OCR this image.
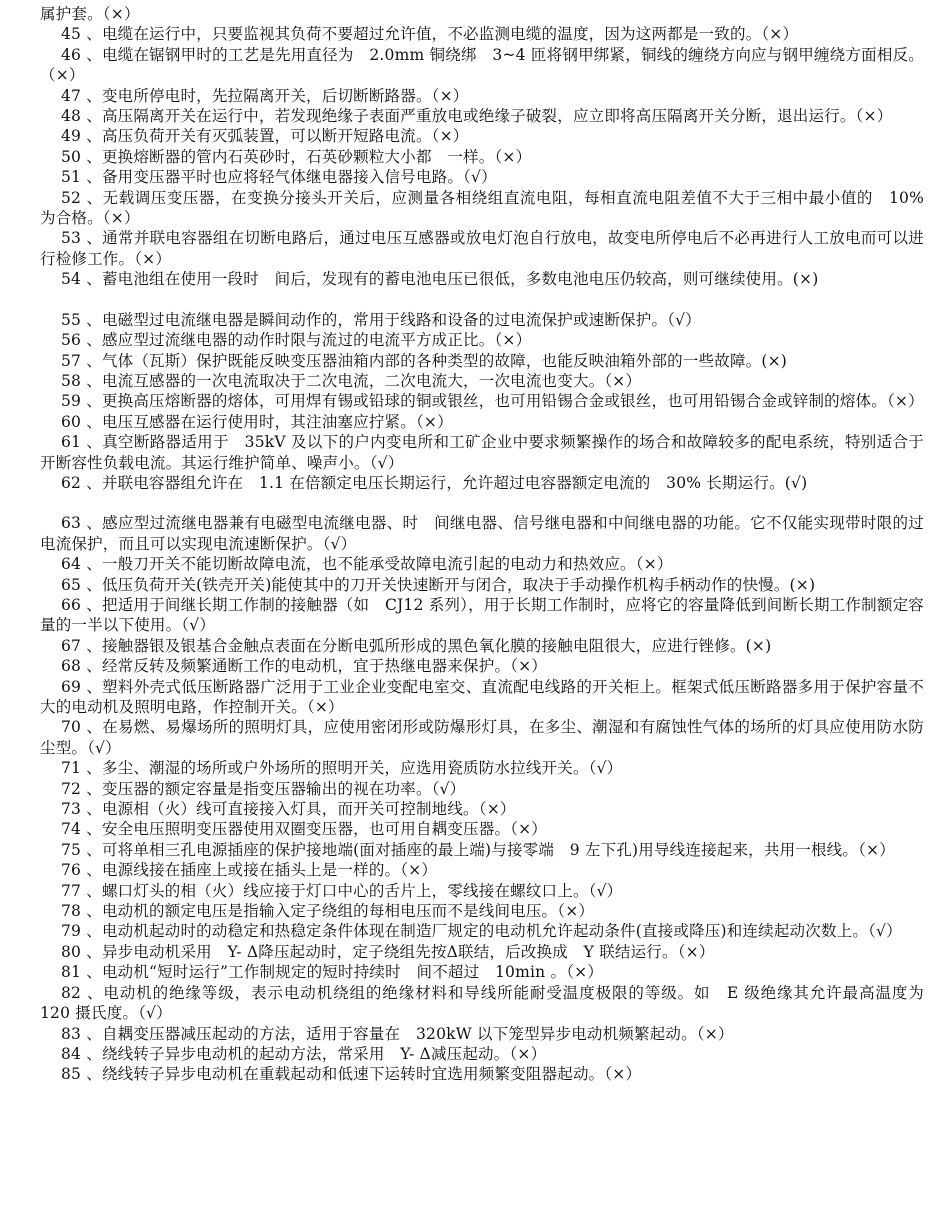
属护套。（×）

45 、电缆在运行中，只要监视其负荷不要超过允许值，不必监测电缆的温度，因为这两都是一致的。（×）

46 、电缆在锯钢甲时的工艺是先用直径为　2.0mm 铜绕绑　3~4 匝将钢甲绑紧，铜线的缠绕方向应与钢甲缠绕方面相反。（×）

47 、变电所停电时，先拉隔离开关，后切断断路器。（×）

48 、高压隔离开关在运行中，若发现绝缘子表面严重放电或绝缘子破裂，应立即将高压隔离开关分断，退出运行。（×）

49 、高压负荷开关有灭弧装置，可以断开短路电流。（×）

50 、更换熔断器的管内石英砂时，石英砂颗粒大小都　一样。（×）

51 、备用变压器平时也应将轻气体继电器接入信号电路。（√）

52 、无载调压变压器，在变换分接头开关后，应测量各相绕组直流电阻，每相直流电阻差值不大于三相中最小值的　10% 为合格。（×）

53 、通常并联电容器组在切断电路后，通过电压互感器或放电灯泡自行放电，故变电所停电后不必再进行人工放电而可以进行检修工作。（×）

54 、蓄电池组在使用一段时　间后，发现有的蓄电池电压已很低，多数电池电压仍较高，则可继续使用。(×)

55 、电磁型过电流继电器是瞬间动作的，常用于线路和设备的过电流保护或速断保护。（√）

56 、感应型过流继电器的动作时限与流过的电流平方成正比。（×）

57 、气体（瓦斯）保护既能反映变压器油箱内部的各种类型的故障，也能反映油箱外部的一些故障。(×)

58 、电流互感器的一次电流取决于二次电流，二次电流大，一次电流也变大。（×）

59 、更换高压熔断器的熔体，可用焊有锡或铅球的铜或银丝，也可用铅锡合金或银丝，也可用铅锡合金或锌制的熔体。（×）

60 、电压互感器在运行使用时，其注油塞应拧紧。（×）

61 、真空断路器适用于　35kV 及以下的户内变电所和工矿企业中要求频繁操作的场合和故障较多的配电系统，特别适合于开断容性负载电流。其运行维护简单、噪声小。（√）

62 、并联电容器组允许在　1.1 在倍额定电压长期运行，允许超过电容器额定电流的　30% 长期运行。(√)

63 、感应型过流继电器兼有电磁型电流继电器、时　间继电器、信号继电器和中间继电器的功能。它不仅能实现带时限的过电流保护，而且可以实现电流速断保护。（√）

64 、一般刀开关不能切断故障电流，也不能承受故障电流引起的电动力和热效应。（×）

65 、低压负荷开关(铁壳开关)能使其中的刀开关快速断开与闭合，取决于手动操作机构手柄动作的快慢。(×)

66 、把适用于间继长期工作制的接触器（如　CJ12 系列），用于长期工作制时，应将它的容量降低到间断长期工作制额定容量的一半以下使用。（√）

67 、接触器银及银基合金触点表面在分断电弧所形成的黑色氧化膜的接触电阻很大，应进行锉修。(×)

68 、经常反转及频繁通断工作的电动机，宜于热继电器来保护。（×）

69 、塑料外壳式低压断路器广泛用于工业企业变配电室交、直流配电线路的开关柜上。框架式低压断路器多用于保护容量不大的电动机及照明电路，作控制开关。（×）

70 、在易燃、易爆场所的照明灯具，应使用密闭形或防爆形灯具，在多尘、潮湿和有腐蚀性气体的场所的灯具应使用防水防尘型。（√）

71 、多尘、潮湿的场所或户外场所的照明开关，应选用瓷质防水拉线开关。（√）

72 、变压器的额定容量是指变压器输出的视在功率。（√）

73 、电源相（火）线可直接接入灯具，而开关可控制地线。（×）

74 、安全电压照明变压器使用双圈变压器，也可用自耦变压器。（×）

75 、可将单相三孔电源插座的保护接地端(面对插座的最上端)与接零端　9 左下孔)用导线连接起来，共用一根线。（×）

76 、电源线接在插座上或接在插头上是一样的。（×）

77 、螺口灯头的相（火）线应接于灯口中心的舌片上，零线接在螺纹口上。（√）

78 、电动机的额定电压是指输入定子绕组的每相电压而不是线间电压。（×）

79 、电动机起动时的动稳定和热稳定条件体现在制造厂规定的电动机允许起动条件(直接或降压)和连续起动次数上。（√）

80 、异步电动机采用　Y- Δ降压起动时，定子绕组先按Δ联结，后改换成　Y 联结运行。（×）

81 、电动机“短时运行”工作制规定的短时持续时　间不超过　10min 。（×）

82 、电动机的绝缘等级，表示电动机绕组的绝缘材料和导线所能耐受温度极限的等级。如　E 级绝缘其允许最高温度为　120 摄氏度。（√）

83 、自耦变压器减压起动的方法，适用于容量在　320kW 以下笼型异步电动机频繁起动。（×）

84 、绕线转子异步电动机的起动方法，常采用　Y- Δ减压起动。（×）

85 、绕线转子异步电动机在重载起动和低速下运转时宜选用频繁变阻器起动。（×）
